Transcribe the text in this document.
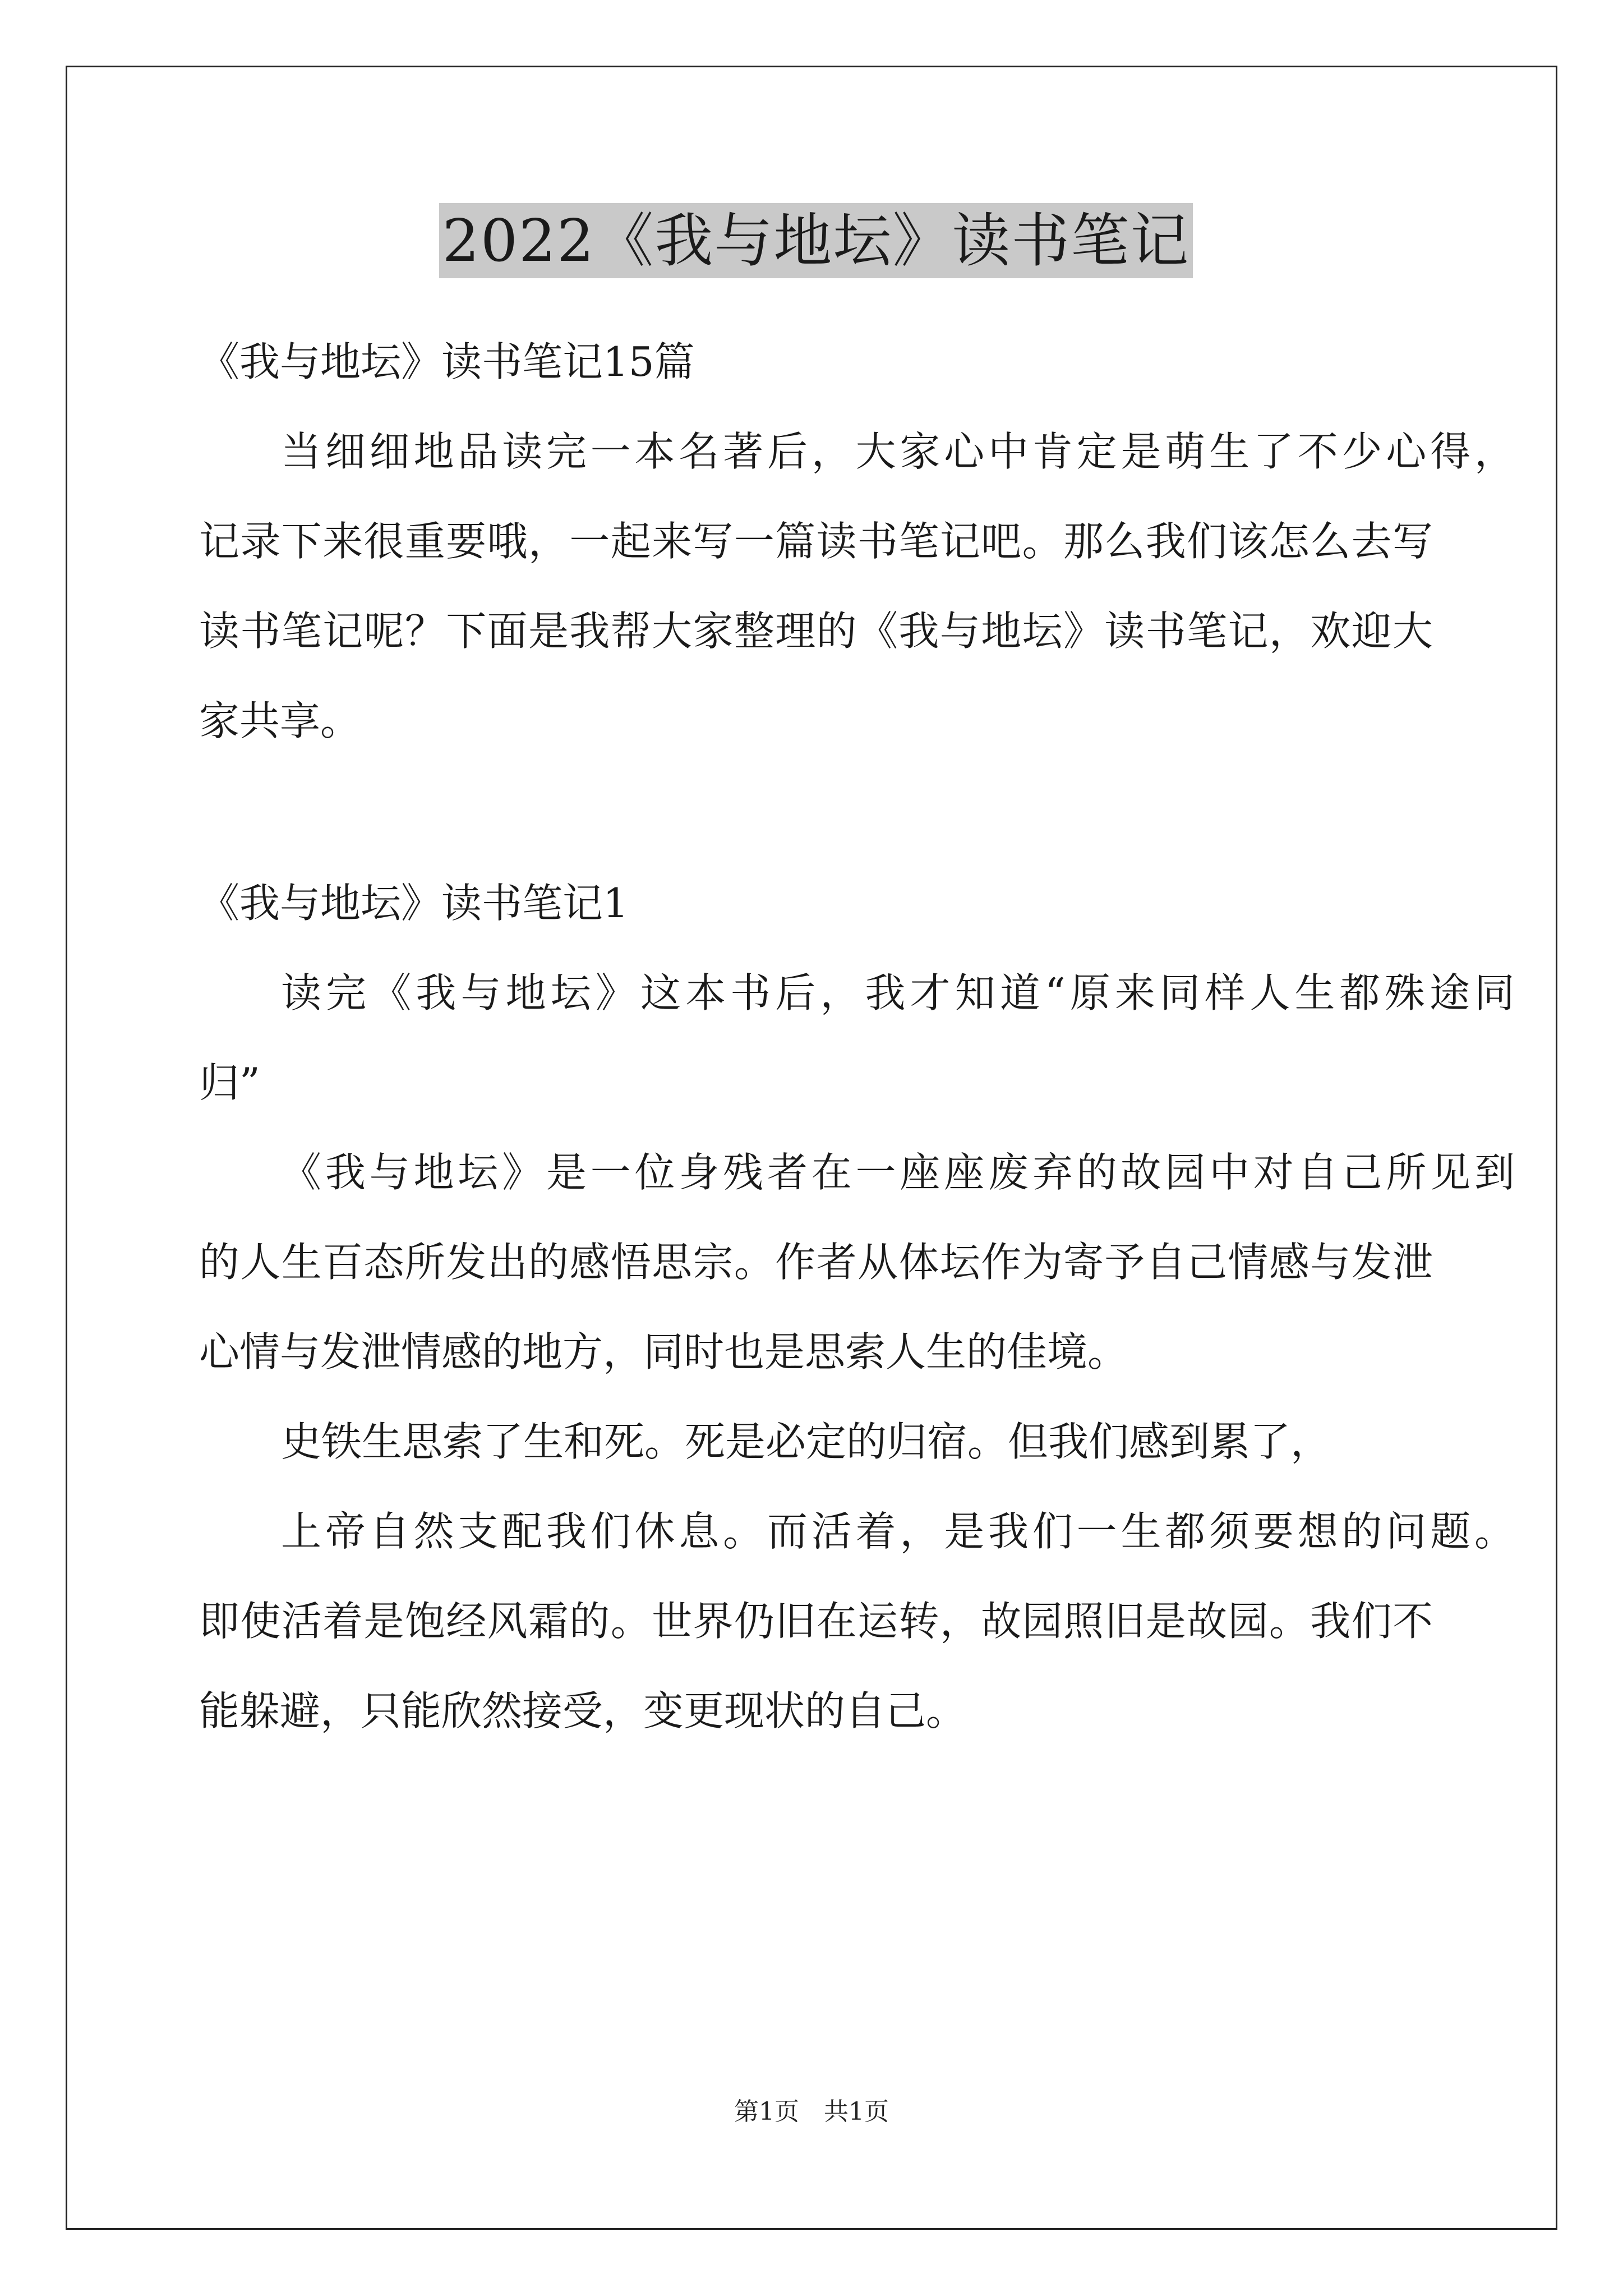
2022《我与地坛》读书笔记
《我与地坛》读书笔记15篇
当细细地品读完一本名著后，大家心中肯定是萌生了不少心得，
记录下来很重要哦，一起来写一篇读书笔记吧。那么我们该怎么去写
读书笔记呢？下面是我帮大家整理的《我与地坛》读书笔记，欢迎大
家共享。
《我与地坛》读书笔记1
读完《我与地坛》这本书后，我才知道“原来同样人生都殊途同
归”
《我与地坛》是一位身残者在一座座废弃的故园中对自己所见到
的人生百态所发出的感悟思宗。作者从体坛作为寄予自己情感与发泄
心情与发泄情感的地方，同时也是思索人生的佳境。
史铁生思索了生和死。死是必定的归宿。但我们感到累了，
上帝自然支配我们休息。而活着，是我们一生都须要想的问题。
即使活着是饱经风霜的。世界仍旧在运转，故园照旧是故园。我们不
能躲避，只能欣然接受，变更现状的自己。
第1页　共1页
